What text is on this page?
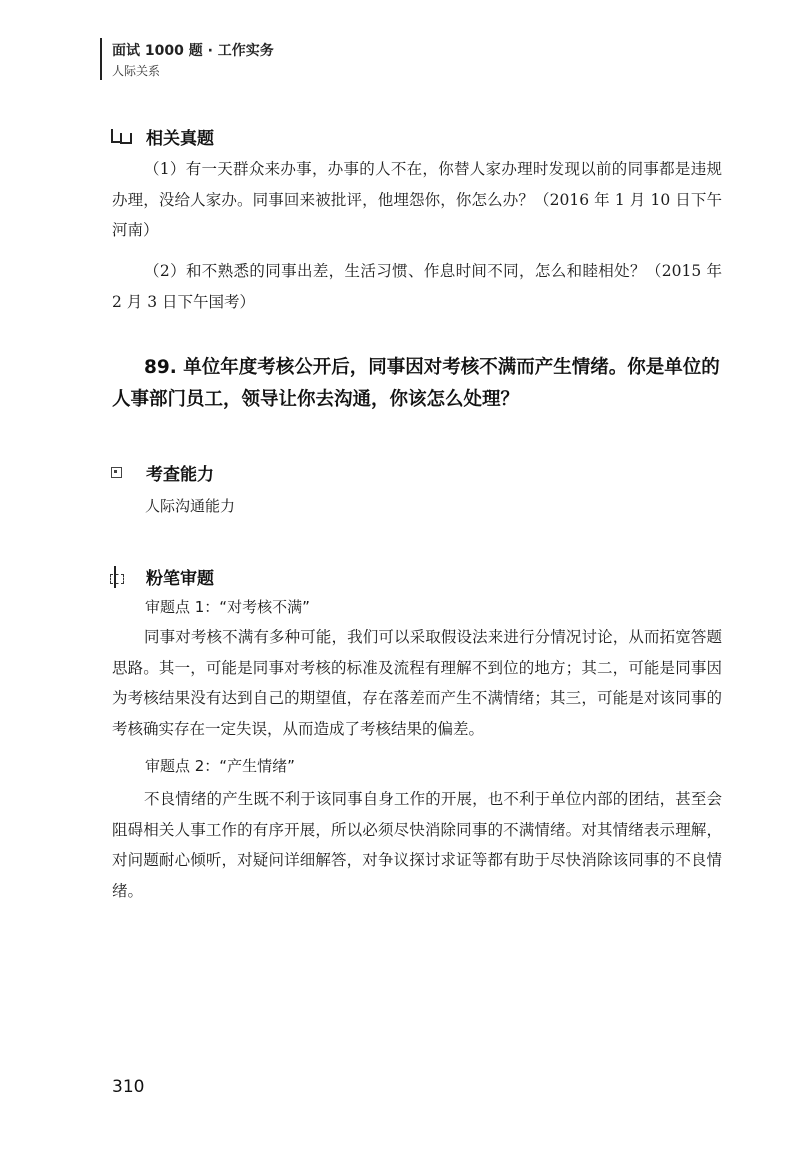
面试 1000 题 · 工作实务
人际关系
相关真题

（1）有一天群众来办事，办事的人不在，你替人家办理时发现以前的同事都是违规办理，没给人家办。同事回来被批评，他埋怨你，你怎么办？（2016 年 1 月 10 日下午河南）

（2）和不熟悉的同事出差，生活习惯、作息时间不同，怎么和睦相处？（2015 年 2 月 3 日下午国考）

89. 单位年度考核公开后，同事因对考核不满而产生情绪。你是单位的人事部门员工，领导让你去沟通，你该怎么处理？

考查能力
人际沟通能力
粉笔审题
审题点 1：“对考核不满”

同事对考核不满有多种可能，我们可以采取假设法来进行分情况讨论，从而拓宽答题思路。其一，可能是同事对考核的标准及流程有理解不到位的地方；其二，可能是同事因为考核结果没有达到自己的期望值，存在落差而产生不满情绪；其三，可能是对该同事的考核确实存在一定失误，从而造成了考核结果的偏差。

审题点 2：“产生情绪”

不良情绪的产生既不利于该同事自身工作的开展，也不利于单位内部的团结，甚至会阻碍相关人事工作的有序开展，所以必须尽快消除同事的不满情绪。对其情绪表示理解，对问题耐心倾听，对疑问详细解答，对争议探讨求证等都有助于尽快消除该同事的不良情绪。

310
